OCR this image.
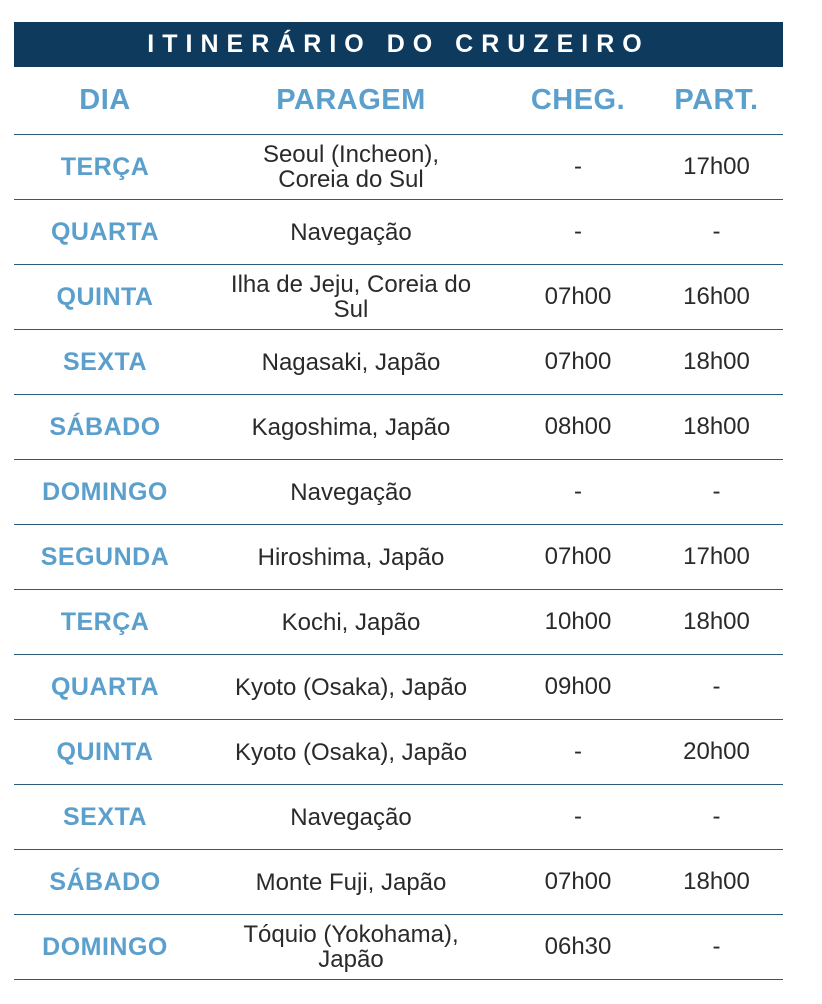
ITINERÁRIO DO CRUZEIRO
DIA	PARAGEM	CHEG.	PART.
TERÇA	Seoul (Incheon), Coreia do Sul	-	17h00
QUARTA	Navegação	-	-
QUINTA	Ilha de Jeju, Coreia do Sul	07h00	16h00
SEXTA	Nagasaki, Japão	07h00	18h00
SÁBADO	Kagoshima, Japão	08h00	18h00
DOMINGO	Navegação	-	-
SEGUNDA	Hiroshima, Japão	07h00	17h00
TERÇA	Kochi, Japão	10h00	18h00
QUARTA	Kyoto (Osaka), Japão	09h00	-
QUINTA	Kyoto (Osaka), Japão	-	20h00
SEXTA	Navegação	-	-
SÁBADO	Monte Fuji, Japão	07h00	18h00
DOMINGO	Tóquio (Yokohama), Japão	06h30	-
